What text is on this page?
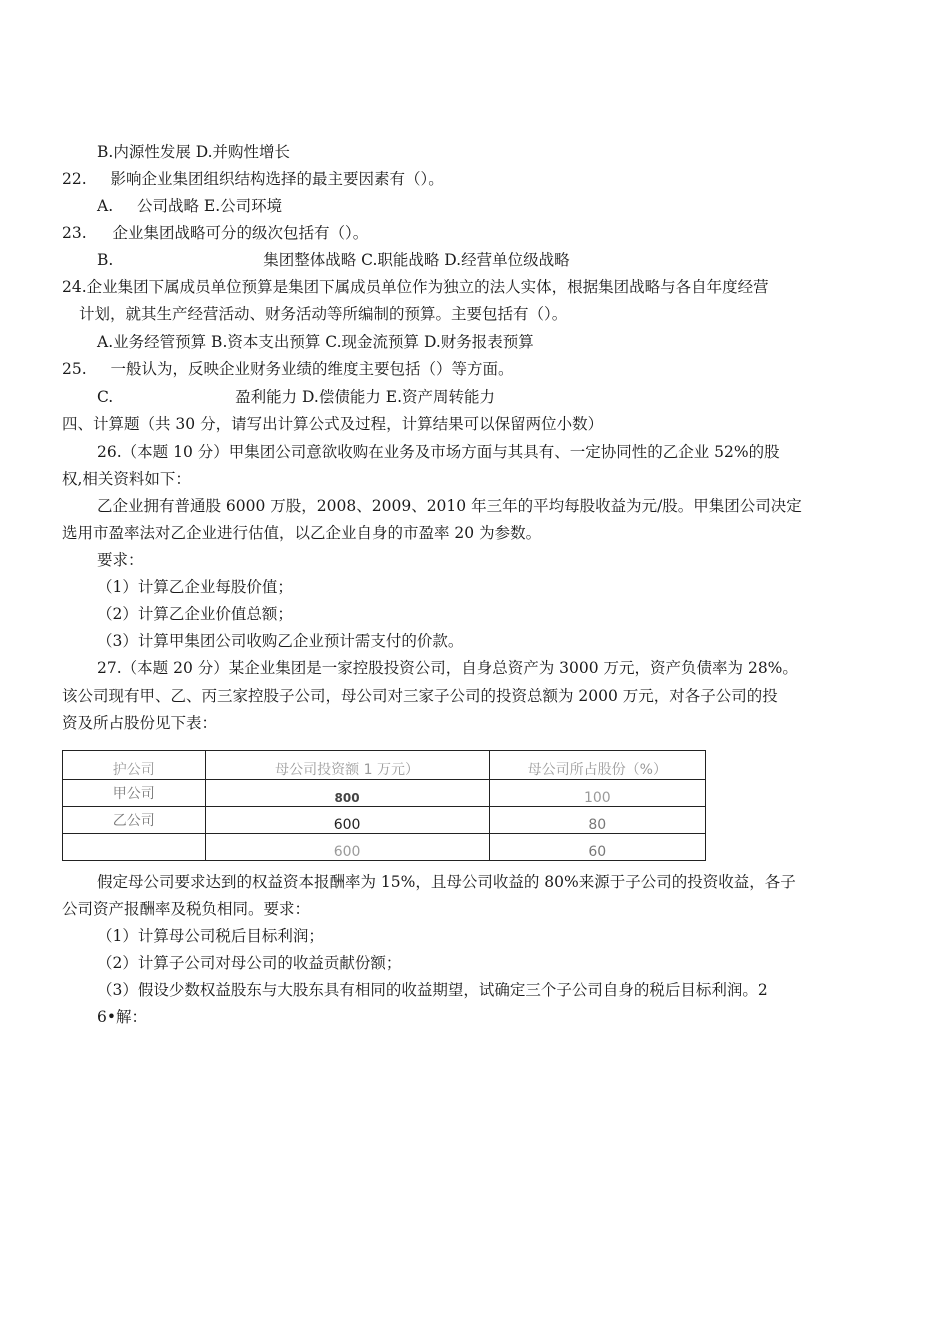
B.内源性发展 D.并购性增长
22. 影响企业集团组织结构选择的最主要因素有（）。
A. 公司战略 E.公司环境
23. 企业集团战略可分的级次包括有（）。
B.	集团整体战略 C.职能战略 D.经营单位级战略
24.企业集团下属成员单位预算是集团下属成员单位作为独立的法人实体，根据集团战略与各自年度经营
计划，就其生产经营活动、财务活动等所编制的预算。主要包括有（）。
A.业务经管预算 B.资本支出预算 C.现金流预算 D.财务报表预算
25. 一般认为，反映企业财务业绩的维度主要包括（）等方面。
C.	盈利能力 D.偿债能力 E.资产周转能力
四、计算题（共 30 分，请写出计算公式及过程，计算结果可以保留两位小数）
26.（本题 10 分）甲集团公司意欲收购在业务及市场方面与其具有、一定协同性的乙企业 52%的股
权,相关资料如下：
乙企业拥有普通股 6000 万股，2008、2009、2010 年三年的平均每股收益为元/股。甲集团公司决定
选用市盈率法对乙企业进行估值，以乙企业自身的市盈率 20 为参数。
要求：
（1）计算乙企业每股价值；
（2）计算乙企业价值总额；
（3）计算甲集团公司收购乙企业预计需支付的价款。
27.（本题 20 分）某企业集团是一家控股投资公司，自身总资产为 3000 万元，资产负债率为 28%。
该公司现有甲、乙、丙三家控股子公司，母公司对三家子公司的投资总额为 2000 万元，对各子公司的投
资及所占股份见下表：
护公司	母公司投资额 1 万元）	母公司所占股份（%）
甲公司	800	100
乙公司	600	80
	600	60
假定母公司要求达到的权益资本报酬率为 15%，且母公司收益的 80%来源于子公司的投资收益，各子
公司资产报酬率及税负相同。要求：
（1）计算母公司税后目标利润；
（2）计算子公司对母公司的收益贡献份额；
（3）假设少数权益股东与大股东具有相同的收益期望，试确定三个子公司自身的税后目标利润。2
6•解：
